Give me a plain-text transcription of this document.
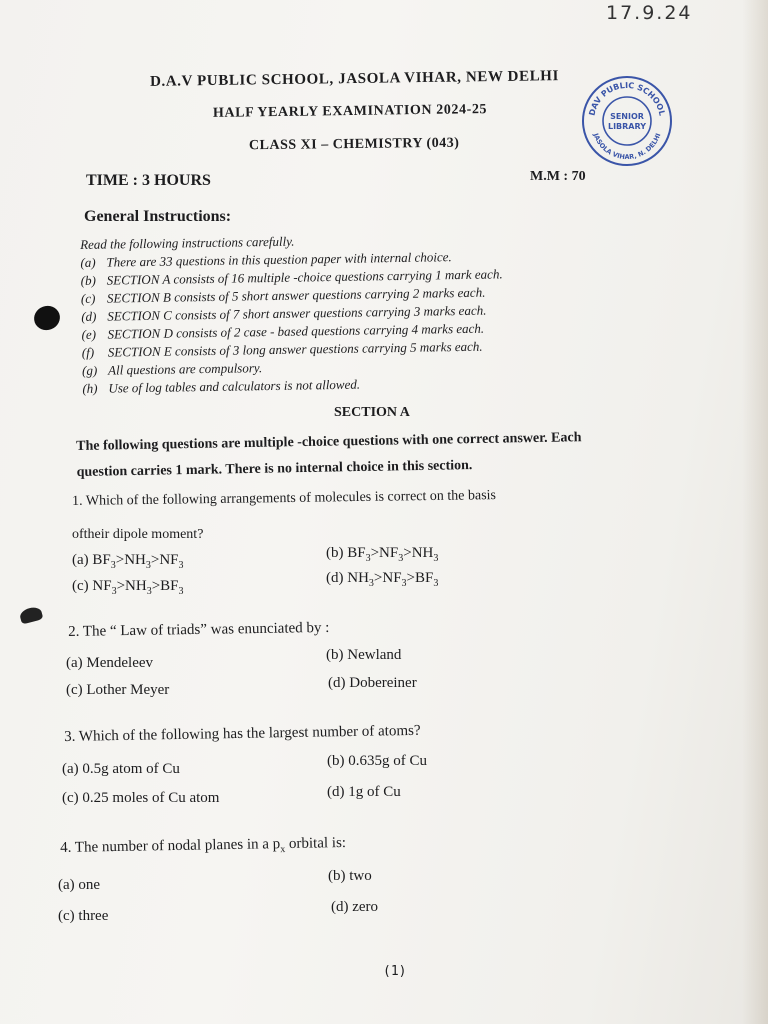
17.9.24
D.A.V PUBLIC SCHOOL, JASOLA VIHAR, NEW DELHI
HALF YEARLY EXAMINATION 2024-25
CLASS XI – CHEMISTRY (043)
DAV PUBLIC SCHOOL
JASOLA VIHAR, N. DELHI
SENIOR
LIBRARY
TIME : 3 HOURS	M.M : 70
General Instructions:
Read the following instructions carefully.
(a) There are 33 questions in this question paper with internal choice.
(b) SECTION A consists of 16 multiple -choice questions carrying 1 mark each.
(c) SECTION B consists of 5 short answer questions carrying 2 marks each.
(d) SECTION C consists of 7 short answer questions carrying 3 marks each.
(e) SECTION D consists of 2 case - based questions carrying 4 marks each.
(f) SECTION E consists of 3 long answer questions carrying 5 marks each.
(g) All questions are compulsory.
(h) Use of log tables and calculators is not allowed.
SECTION A
The following questions are multiple -choice questions with one correct answer. Each
question carries 1 mark. There is no internal choice in this section.
1. Which of the following arrangements of molecules is correct on the basis
oftheir dipole moment?
(a) $BF_3>NH_3>NF_3$
(b) $BF_3>NF_3>NH_3$
(c) $NF_3>NH_3>BF_3$
(d) $NH_3>NF_3>BF_3$
2. The “ Law of triads” was enunciated by :
(a) Mendeleev	(b) Newland
(c) Lother Meyer	(d) Dobereiner
3. Which of the following has the largest number of atoms?
(a) 0.5g atom of Cu	(b) 0.635g of Cu
(c) 0.25 moles of Cu atom	(d) 1g of Cu
4. The number of nodal planes in a $p_x$ orbital is:
(a) one
(b) two
(c) three
(d) zero
(1)
